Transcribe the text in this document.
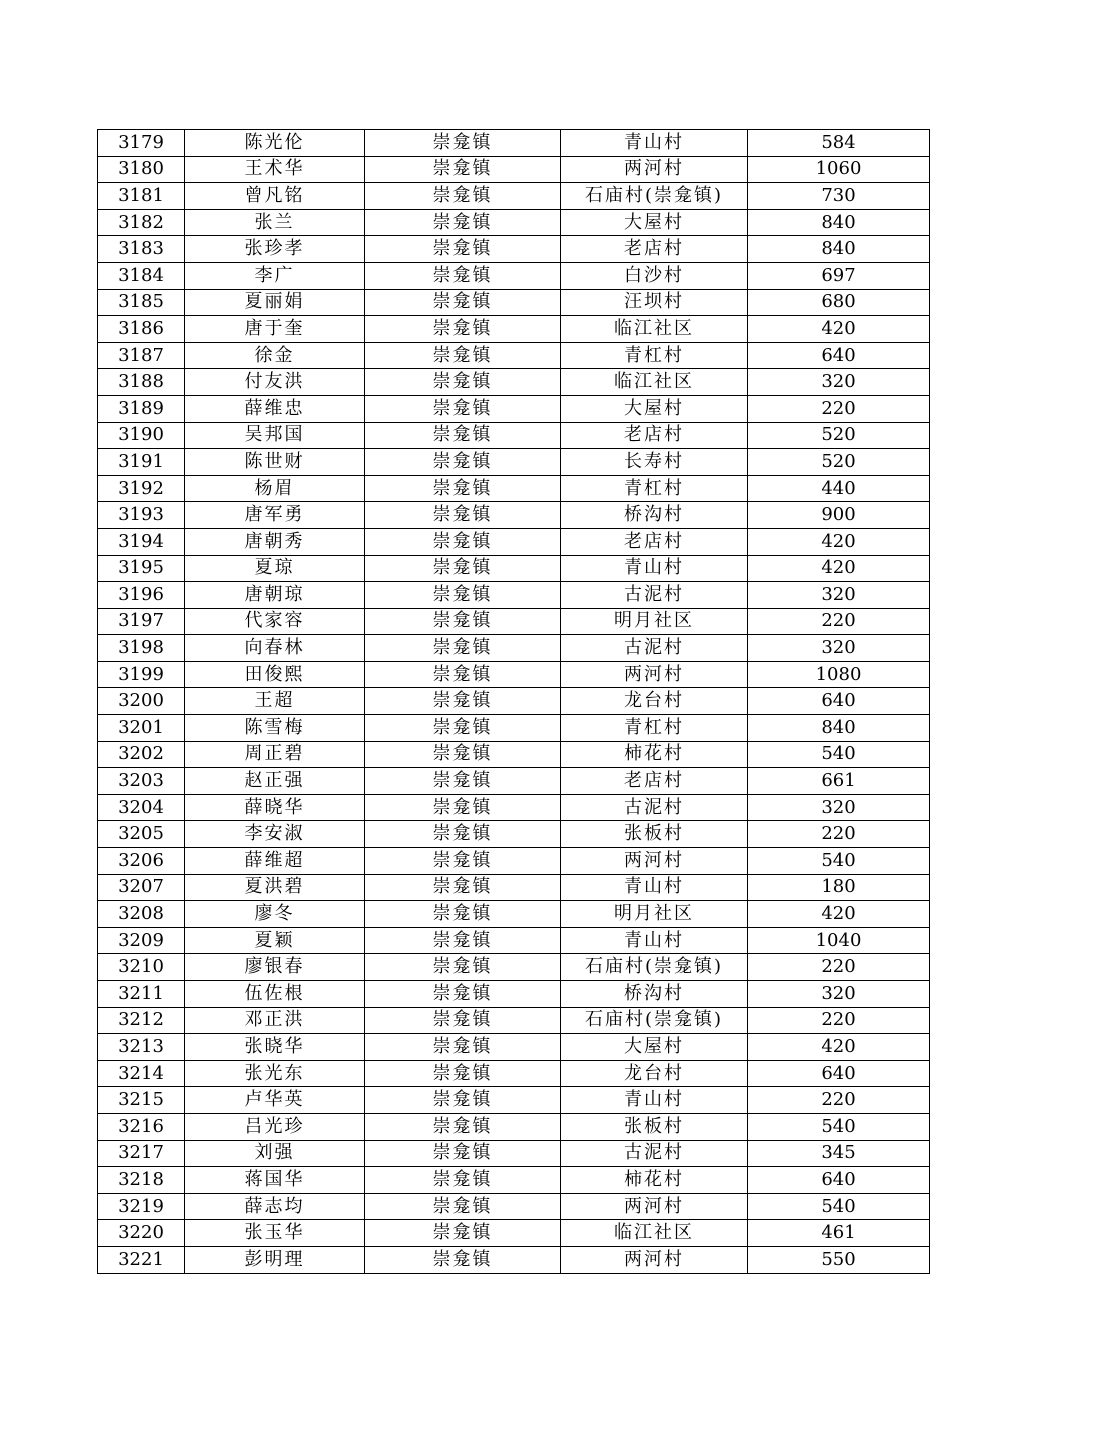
3179	陈光伦	崇龛镇	青山村	584
3180	王术华	崇龛镇	两河村	1060
3181	曾凡铭	崇龛镇	石庙村(崇龛镇)	730
3182	张兰	崇龛镇	大屋村	840
3183	张珍孝	崇龛镇	老店村	840
3184	李广	崇龛镇	白沙村	697
3185	夏丽娟	崇龛镇	汪坝村	680
3186	唐于奎	崇龛镇	临江社区	420
3187	徐金	崇龛镇	青杠村	640
3188	付友洪	崇龛镇	临江社区	320
3189	薛维忠	崇龛镇	大屋村	220
3190	吴邦国	崇龛镇	老店村	520
3191	陈世财	崇龛镇	长寿村	520
3192	杨眉	崇龛镇	青杠村	440
3193	唐军勇	崇龛镇	桥沟村	900
3194	唐朝秀	崇龛镇	老店村	420
3195	夏琼	崇龛镇	青山村	420
3196	唐朝琼	崇龛镇	古泥村	320
3197	代家容	崇龛镇	明月社区	220
3198	向春林	崇龛镇	古泥村	320
3199	田俊熙	崇龛镇	两河村	1080
3200	王超	崇龛镇	龙台村	640
3201	陈雪梅	崇龛镇	青杠村	840
3202	周正碧	崇龛镇	柿花村	540
3203	赵正强	崇龛镇	老店村	661
3204	薛晓华	崇龛镇	古泥村	320
3205	李安淑	崇龛镇	张板村	220
3206	薛维超	崇龛镇	两河村	540
3207	夏洪碧	崇龛镇	青山村	180
3208	廖冬	崇龛镇	明月社区	420
3209	夏颖	崇龛镇	青山村	1040
3210	廖银春	崇龛镇	石庙村(崇龛镇)	220
3211	伍佐根	崇龛镇	桥沟村	320
3212	邓正洪	崇龛镇	石庙村(崇龛镇)	220
3213	张晓华	崇龛镇	大屋村	420
3214	张光东	崇龛镇	龙台村	640
3215	卢华英	崇龛镇	青山村	220
3216	吕光珍	崇龛镇	张板村	540
3217	刘强	崇龛镇	古泥村	345
3218	蒋国华	崇龛镇	柿花村	640
3219	薛志均	崇龛镇	两河村	540
3220	张玉华	崇龛镇	临江社区	461
3221	彭明理	崇龛镇	两河村	550
